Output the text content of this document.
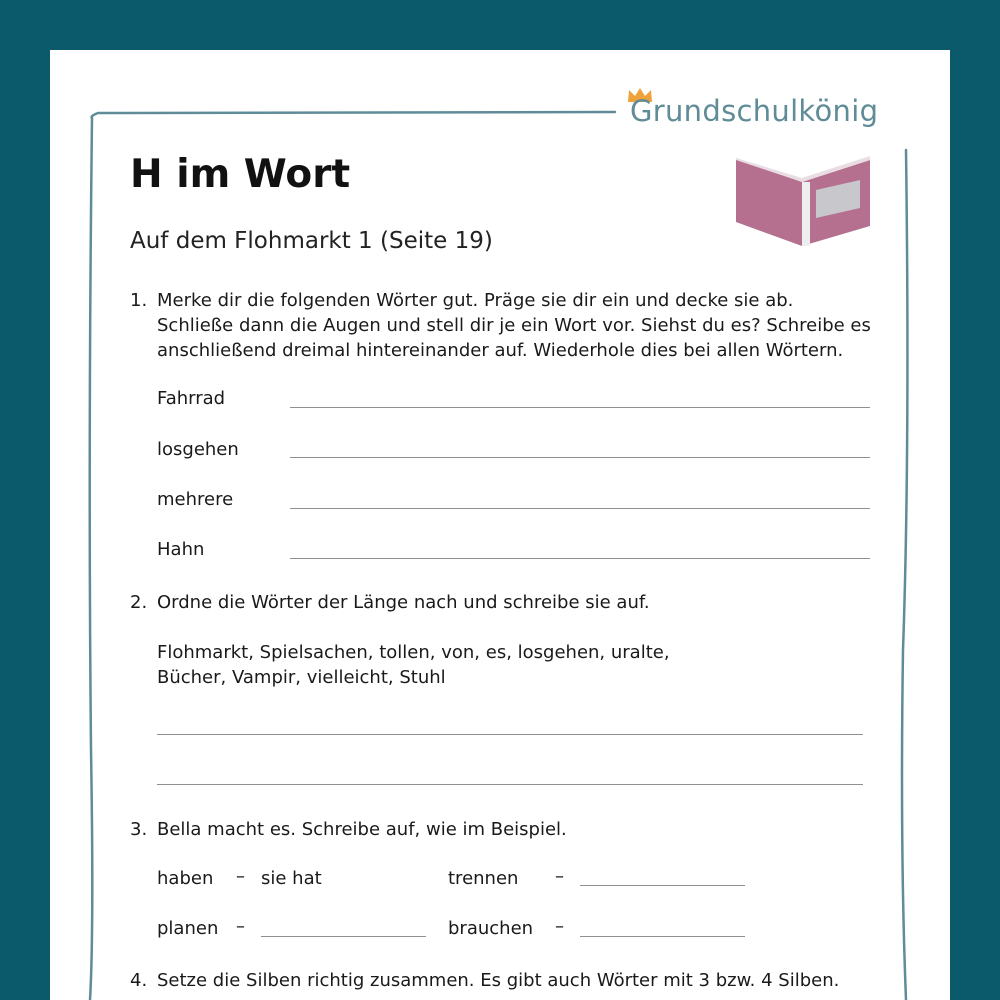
Grundschulkönig
H im Wort
Auf dem Flohmarkt 1 (Seite 19)
1. Merke dir die folgenden Wörter gut. Präge sie dir ein und decke sie ab.
Schließe dann die Augen und stell dir je ein Wort vor. Siehst du es? Schreibe es
anschließend dreimal hintereinander auf. Wiederhole dies bei allen Wörtern.
Fahrrad
losgehen
mehrere
Hahn
2. Ordne die Wörter der Länge nach und schreibe sie auf.
Flohmarkt, Spielsachen, tollen, von, es, losgehen, uralte,
Bücher, Vampir, vielleicht, Stuhl
3. Bella macht es. Schreibe auf, wie im Beispiel.
haben – sie hat	trennen –
planen –	brauchen –
4. Setze die Silben richtig zusammen. Es gibt auch Wörter mit 3 bzw. 4 Silben.
